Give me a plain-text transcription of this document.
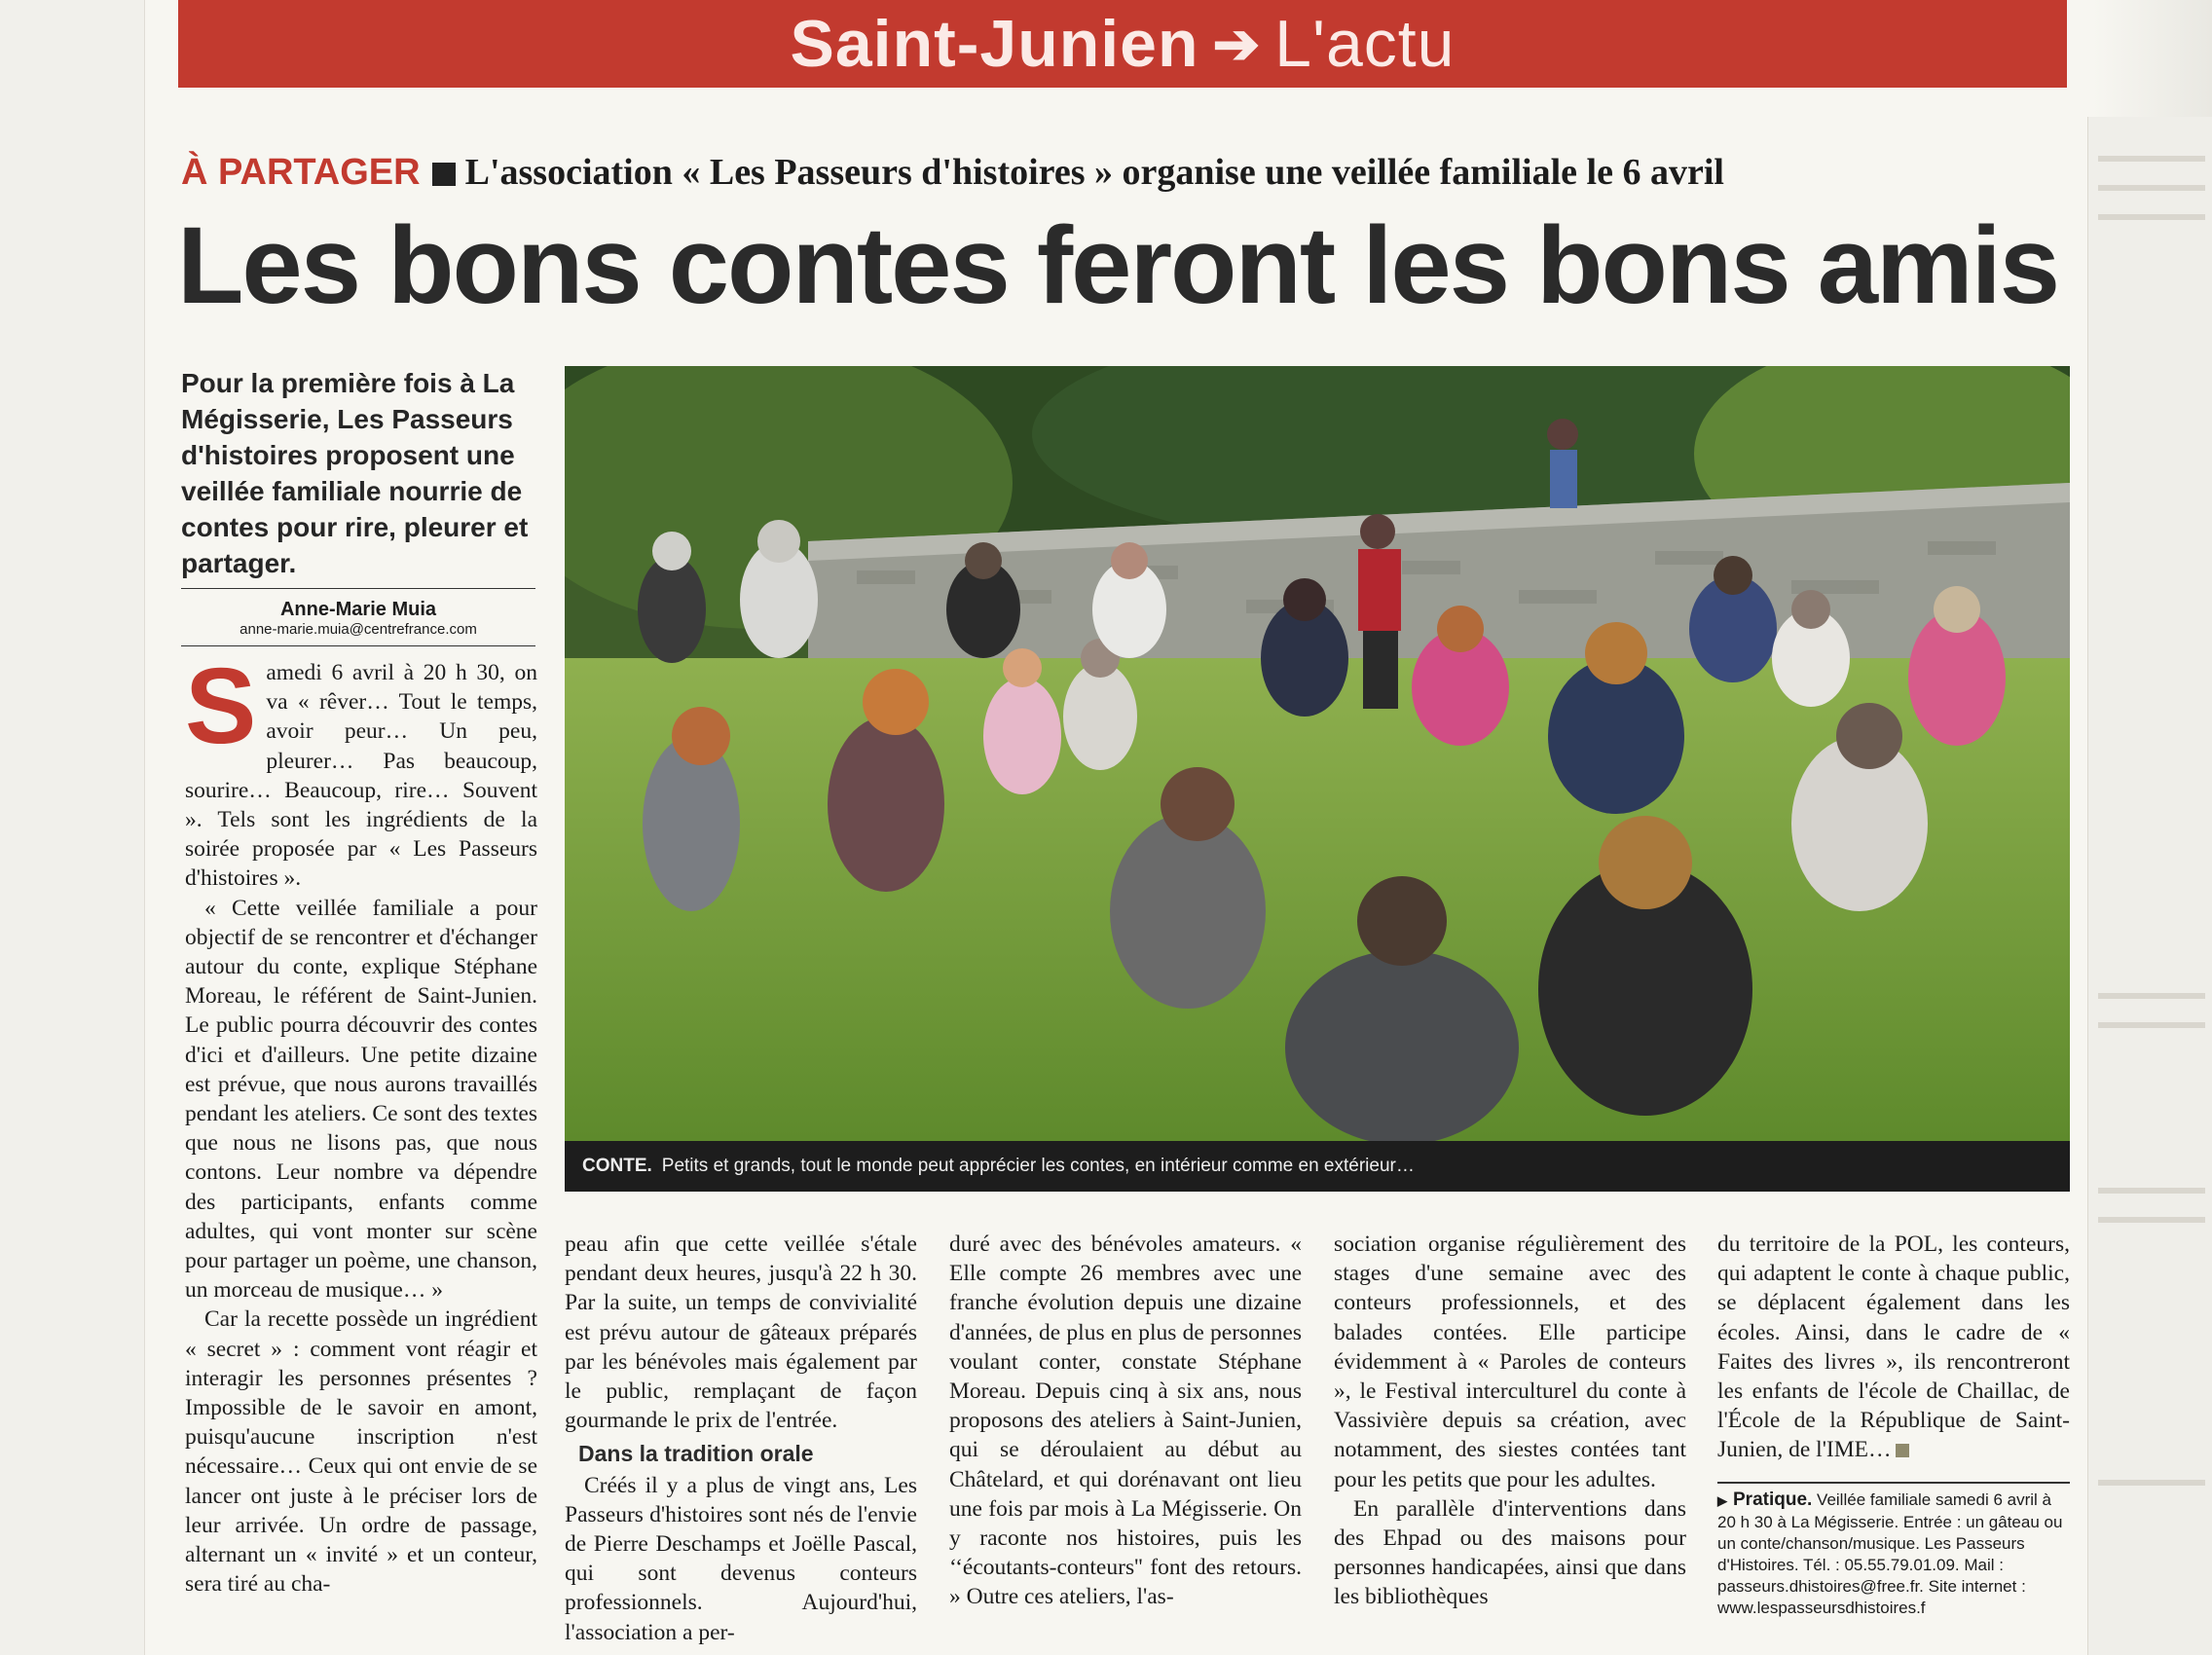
Saint-Junien ➔ L'actu
À PARTAGER L'association « Les Passeurs d'histoires » organise une veillée familiale le 6 avril
Les bons contes feront les bons amis
Pour la première fois à La Mégisserie, Les Passeurs d'histoires proposent une veillée familiale nourrie de contes pour rire, pleurer et partager.
Anne-Marie Muia
anne-marie.muia@centrefrance.com
CONTE. Petits et grands, tout le monde peut apprécier les contes, en intérieur comme en extérieur…

Samedi 6 avril à 20 h 30, on va « rêver… Tout le temps, avoir peur… Un peu, pleurer… Pas beaucoup, sourire… Beaucoup, rire… Souvent ». Tels sont les ingrédients de la soirée proposée par « Les Passeurs d'histoires ».

« Cette veillée familiale a pour objectif de se rencontrer et d'échanger autour du conte, explique Stéphane Moreau, le référent de Saint-Junien. Le public pourra découvrir des contes d'ici et d'ailleurs. Une petite dizaine est prévue, que nous aurons travaillés pendant les ateliers. Ce sont des textes que nous ne lisons pas, que nous contons. Leur nombre va dépendre des participants, enfants comme adultes, qui vont monter sur scène pour partager un poème, une chanson, un morceau de musique… »

Car la recette possède un ingrédient « secret » : comment vont réagir et interagir les personnes présentes ? Impossible de le savoir en amont, puisqu'aucune inscription n'est nécessaire… Ceux qui ont envie de se lancer ont juste à le préciser lors de leur arrivée. Un ordre de passage, alternant un « invité » et un conteur, sera tiré au cha-

peau afin que cette veillée s'étale pendant deux heures, jusqu'à 22 h 30. Par la suite, un temps de convivialité est prévu autour de gâteaux préparés par les bénévoles mais également par le public, remplaçant de façon gourmande le prix de l'entrée.

Dans la tradition orale

Créés il y a plus de vingt ans, Les Passeurs d'histoires sont nés de l'envie de Pierre Deschamps et Joëlle Pascal, qui sont devenus conteurs professionnels. Aujourd'hui, l'association a per-

duré avec des bénévoles amateurs. « Elle compte 26 membres avec une franche évolution depuis une dizaine d'années, de plus en plus de personnes voulant conter, constate Stéphane Moreau. Depuis cinq à six ans, nous proposons des ateliers à Saint-Junien, qui se déroulaient au début au Châtelard, et qui dorénavant ont lieu une fois par mois à La Mégisserie. On y raconte nos histoires, puis les ‘‘écoutants-conteurs'' font des retours. » Outre ces ateliers, l'as-

sociation organise régulièrement des stages d'une semaine avec des conteurs professionnels, et des balades contées. Elle participe évidemment à « Paroles de conteurs », le Festival interculturel du conte à Vassivière depuis sa création, avec notamment, des siestes contées tant pour les petits que pour les adultes.

En parallèle d'interventions dans des Ehpad ou des maisons pour personnes handicapées, ainsi que dans les bibliothèques

du territoire de la POL, les conteurs, qui adaptent le conte à chaque public, se déplacent également dans les écoles. Ainsi, dans le cadre de « Faites des livres », ils rencontreront les enfants de l'école de Chaillac, de l'École de la République de Saint-Junien, de l'IME…

▶ Pratique. Veillée familiale samedi 6 avril à 20 h 30 à La Mégisserie. Entrée : un gâteau ou un conte/chanson/musique. Les Passeurs d'Histoires. Tél. : 05.55.79.01.09. Mail : passeurs.dhistoires@free.fr. Site internet : www.lespasseursdhistoires.f
